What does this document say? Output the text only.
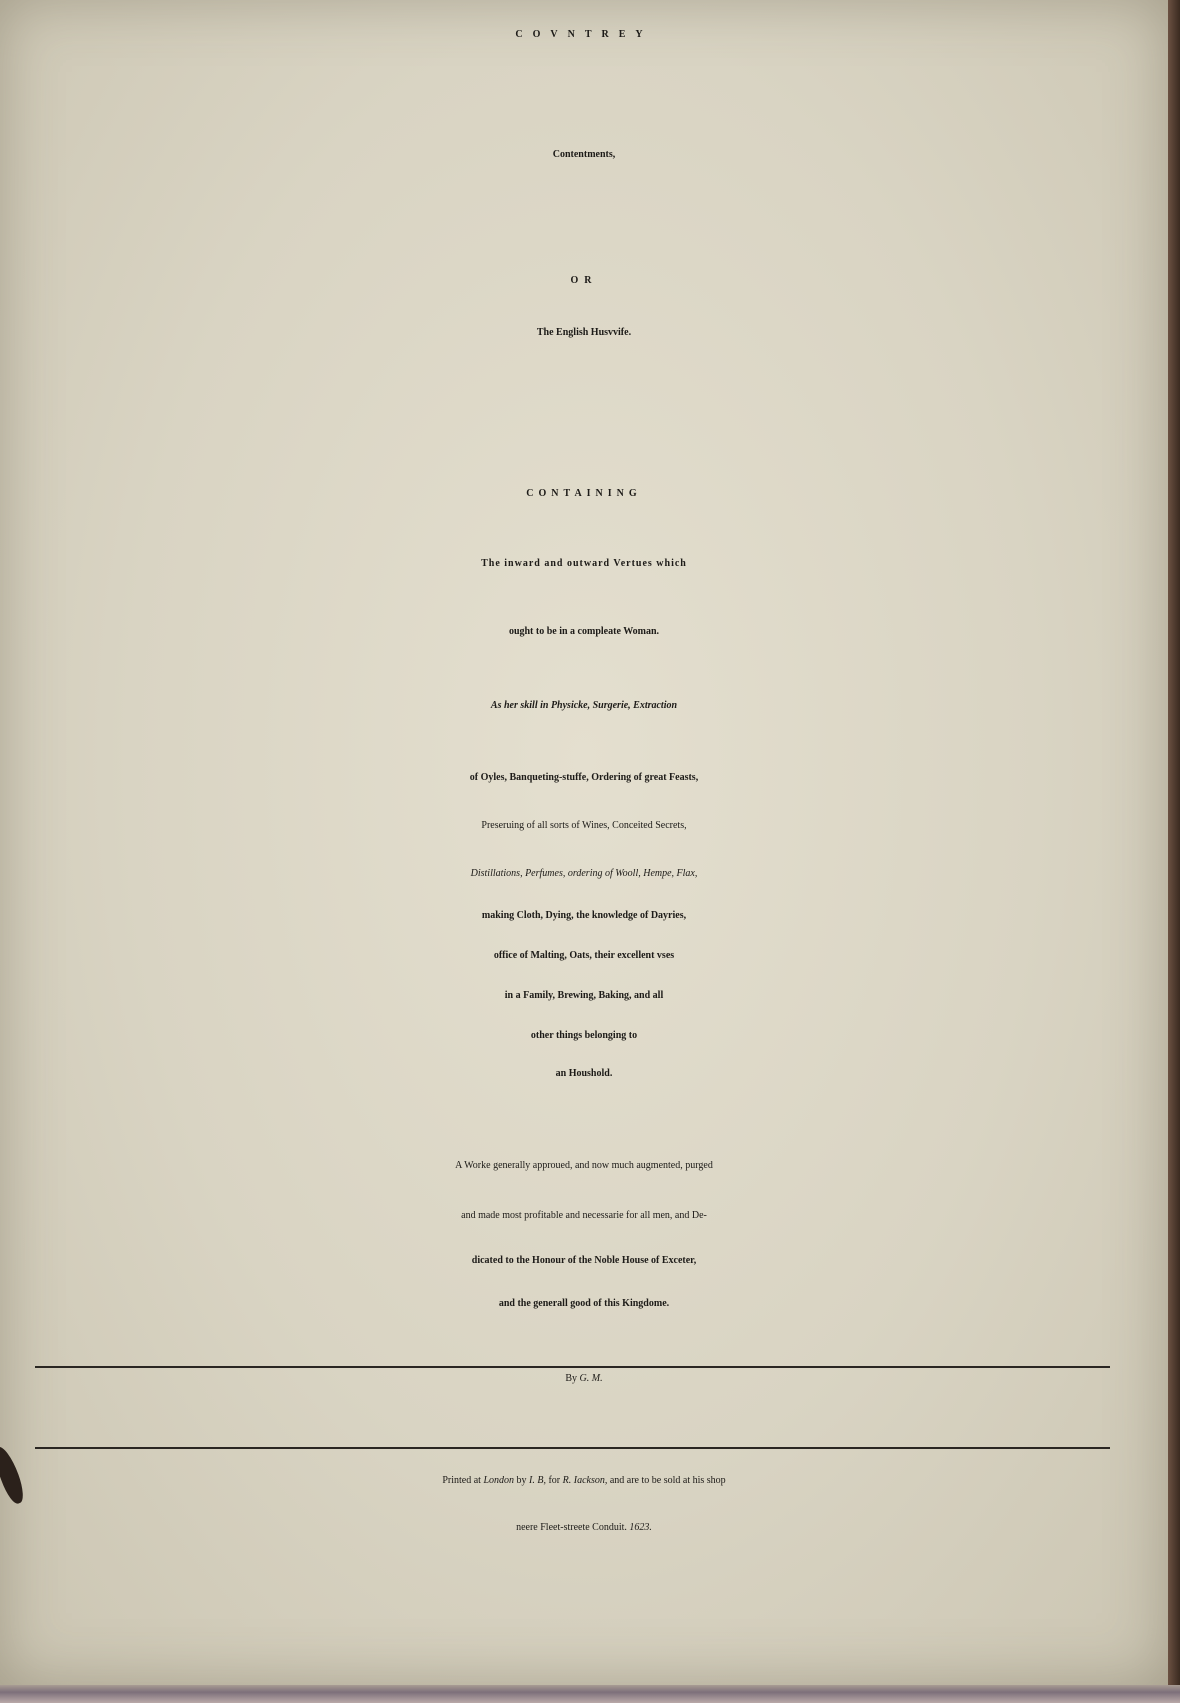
COVNTREY
Contentments,
OR
The English Husvvife.
CONTAINING
The inward and outward Vertues which
ought to be in a compleate Woman.
As her skill in Physicke, Surgerie, Extraction
of Oyles, Banqueting-stuffe, Ordering of great Feasts,
Preseruing of all sorts of Wines, Conceited Secrets,
Distillations, Perfumes, ordering of Wooll, Hempe, Flax,
making Cloth, Dying, the knowledge of Dayries,
office of Malting, Oats, their excellent vses
in a Family, Brewing, Baking, and all
other things belonging to
an Houshold.
A Worke generally approued, and now much augmented, purged
and made most profitable and necessarie for all men, and De-
dicated to the Honour of the Noble House of Exceter,
and the generall good of this Kingdome.
By G. M.
Printed at London by I. B, for R. Iackson, and are to be sold at his shop
neere Fleet-streete Conduit. 1623.
